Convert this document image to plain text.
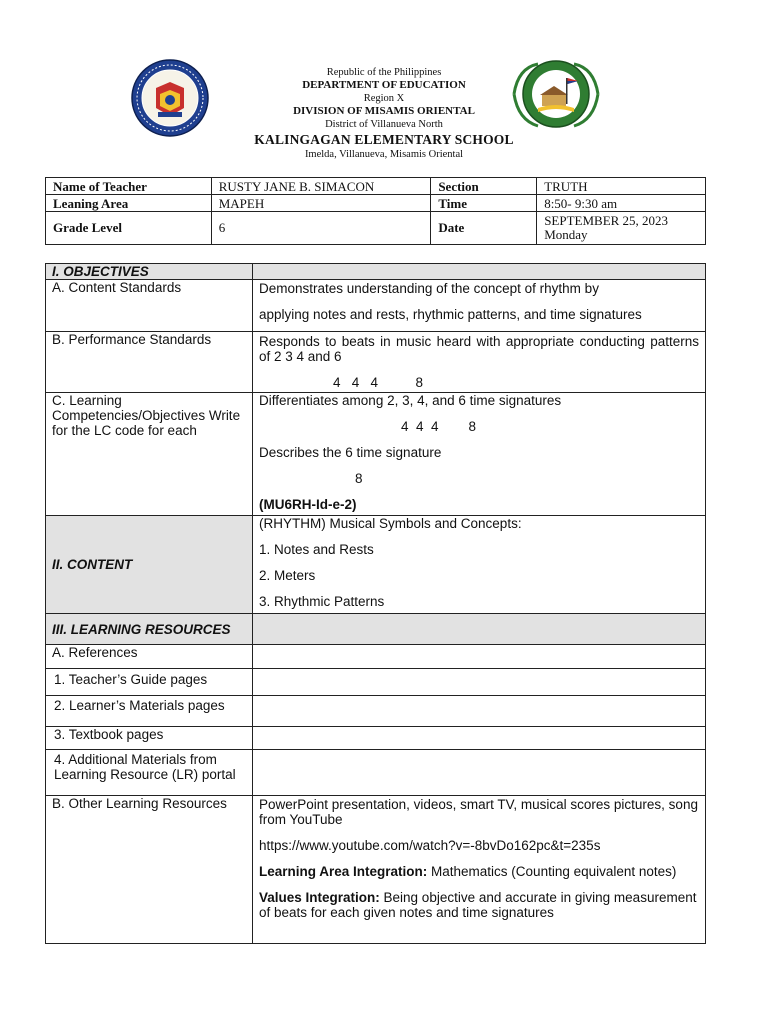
Republic of the Philippines
DEPARTMENT OF EDUCATION
Region X
DIVISION OF MISAMIS ORIENTAL
District of Villanueva North
KALINGAGAN ELEMENTARY SCHOOL
Imelda, Villanueva, Misamis Oriental
Name of Teacher	RUSTY JANE B. SIMACON	Section	TRUTH
Leaning Area	MAPEH	Time	8:50- 9:30 am
Grade Level	6	Date	SEPTEMBER 25, 2023
Monday
I. OBJECTIVES	
A. Content Standards	Demonstrates understanding of the concept of rhythm by
applying notes and rests, rhythmic patterns, and time signatures

B. Performance Standards	Responds to beats in music heard with appropriate conducting patterns of 2 3 4 and 6
4   4   4          8

C. Learning Competencies/Objectives Write for the LC code for each	Differentiates among 2, 3, 4, and 6 time signatures
4  4  4        8
Describes the 6 time signature
8
(MU6RH-Id-e-2)

II. CONTENT	(RHYTHM) Musical Symbols and Concepts:
1. Notes and Rests
2. Meters
3. Rhythmic Patterns

III. LEARNING RESOURCES	
A. References	
1. Teacher’s Guide pages	
2. Learner’s Materials pages	
3. Textbook pages	
4. Additional Materials from Learning Resource (LR) portal	
B. Other Learning Resources	PowerPoint presentation, videos, smart TV, musical scores pictures, song from YouTube
https://www.youtube.com/watch?v=-8bvDo162pc&t=235s
Learning Area Integration: Mathematics (Counting equivalent notes)
Values Integration: Being objective and accurate in giving measurement of beats for each given notes and time signatures
